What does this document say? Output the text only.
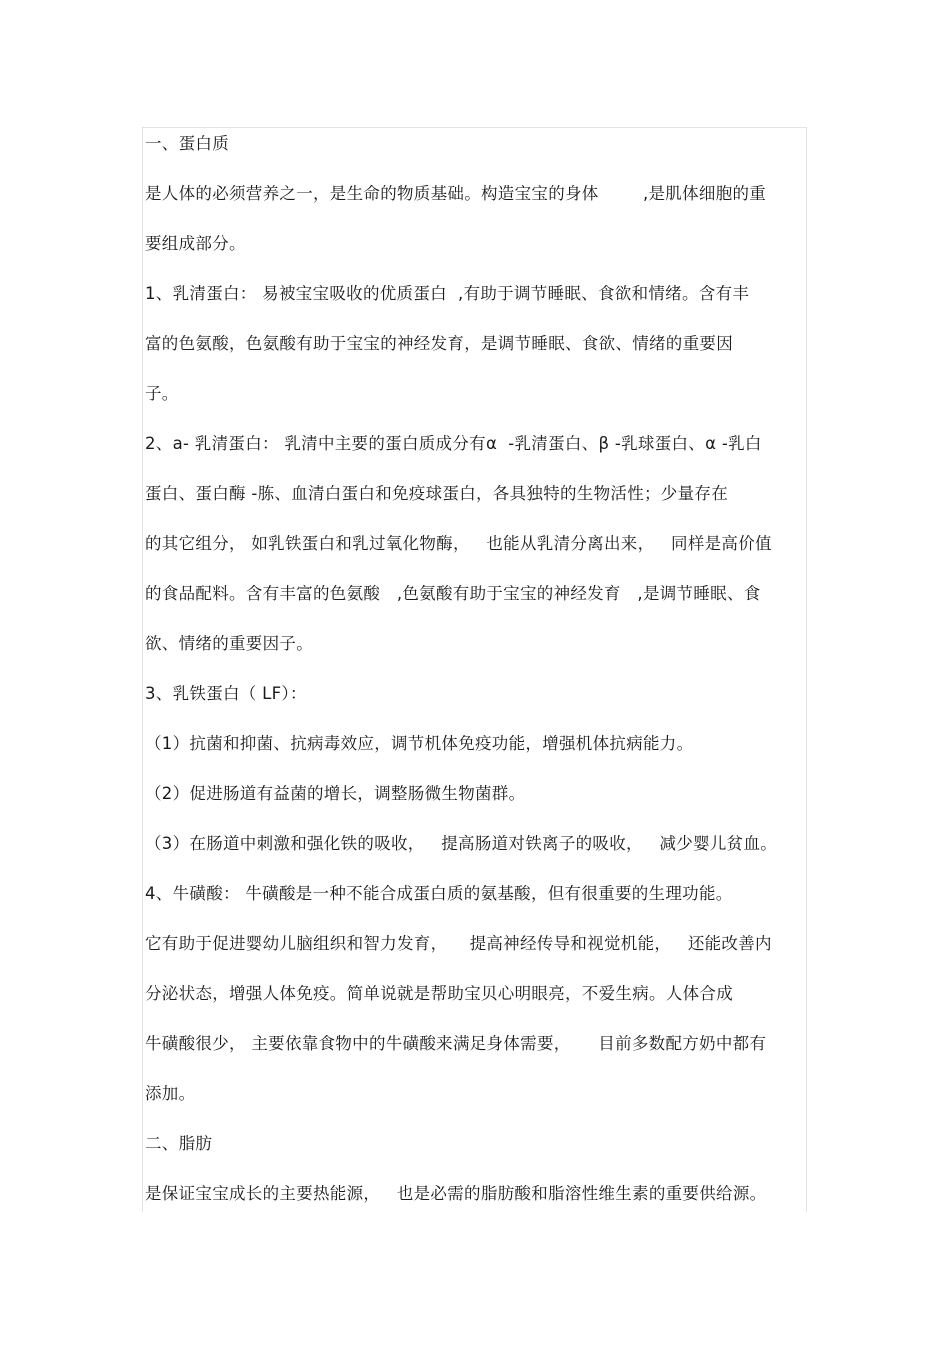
一、蛋白质
是人体的必须营养之一，是生命的物质基础。构造宝宝的身体        ,是肌体细胞的重
要组成部分。
1、乳清蛋白： 易被宝宝吸收的优质蛋白  ,有助于调节睡眠、食欲和情绪。含有丰
富的色氨酸，色氨酸有助于宝宝的神经发育，是调节睡眠、食欲、情绪的重要因
子。
2、a- 乳清蛋白： 乳清中主要的蛋白质成分有α  -乳清蛋白、β -乳球蛋白、α -乳白
蛋白、蛋白酶 -胨、血清白蛋白和免疫球蛋白，各具独特的生物活性；少量存在
的其它组分， 如乳铁蛋白和乳过氧化物酶，   也能从乳清分离出来，   同样是高价值
的食品配料。含有丰富的色氨酸   ,色氨酸有助于宝宝的神经发育   ,是调节睡眠、食
欲、情绪的重要因子。
3、乳铁蛋白（ LF）：
（1）抗菌和抑菌、抗病毒效应，调节机体免疫功能，增强机体抗病能力。
（2）促进肠道有益菌的增长，调整肠微生物菌群。
（3）在肠道中刺激和强化铁的吸收，   提高肠道对铁离子的吸收，   减少婴儿贫血。
4、牛磺酸： 牛磺酸是一种不能合成蛋白质的氨基酸，但有很重要的生理功能。
它有助于促进婴幼儿脑组织和智力发育，    提高神经传导和视觉机能，   还能改善内
分泌状态，增强人体免疫。简单说就是帮助宝贝心明眼亮，不爱生病。人体合成
牛磺酸很少， 主要依靠食物中的牛磺酸来满足身体需要，     目前多数配方奶中都有
添加。
二、脂肪
是保证宝宝成长的主要热能源，   也是必需的脂肪酸和脂溶性维生素的重要供给源。
